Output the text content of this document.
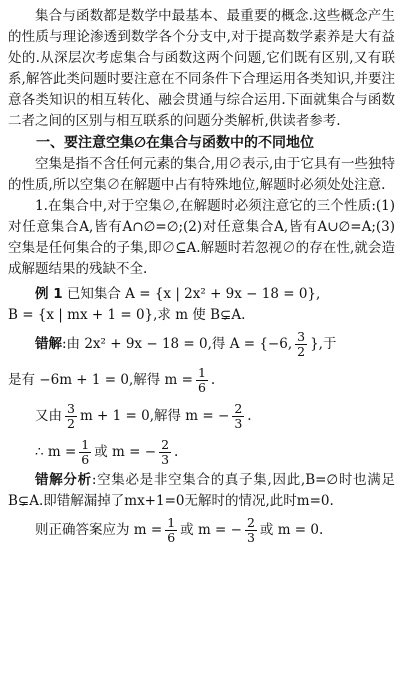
集合与函数都是数学中最基本、最重要的概念.这些概念产生的性质与理论渗透到数学各个分支中,对于提高数学素养是大有益处的.从深层次考虑集合与函数这两个问题,它们既有区别,又有联系,解答此类问题时要注意在不同条件下合理运用各类知识,并要注意各类知识的相互转化、融会贯通与综合运用.下面就集合与函数二者之间的区别与相互联系的问题分类解析,供读者参考.

一、要注意空集∅在集合与函数中的不同地位

空集是指不含任何元素的集合,用∅表示,由于它具有一些独特的性质,所以空集∅在解题中占有特殊地位,解题时必须处处注意.

1.在集合中,对于空集∅,在解题时必须注意它的三个性质:(1)对任意集合A,皆有A∩∅=∅;(2)对任意集合A,皆有A∪∅=A;(3)空集是任何集合的子集,即∅⊆A.解题时若忽视∅的存在性,就会造成解题结果的残缺不全.

例 1 已知集合 A = {x | 2x² + 9x − 18 = 0},

B = {x | mx + 1 = 0},求 m 使 B⊊A.

错解 :由 2x² + 9x − 18 = 0,得 A = {−6, $\frac{3}{2}$ },于
是有 −6m + 1 = 0,解得 $m = \frac{1}{6}$ .
又由 $\frac{3}{2}$ m + 1 = 0,解得 m = − $\frac{2}{3}$ .
∴ $m = \frac{1}{6}$ 或 m = − $\frac{2}{3}$ .

错解分析:空集必是非空集合的真子集,因此,B=∅时也满足B⊊A.即错解漏掉了mx+1=0无解时的情况,此时m=0.

则正确答案应为 $m = \frac{1}{6}$ 或 m = − $\frac{2}{3}$ 或 m = 0.
